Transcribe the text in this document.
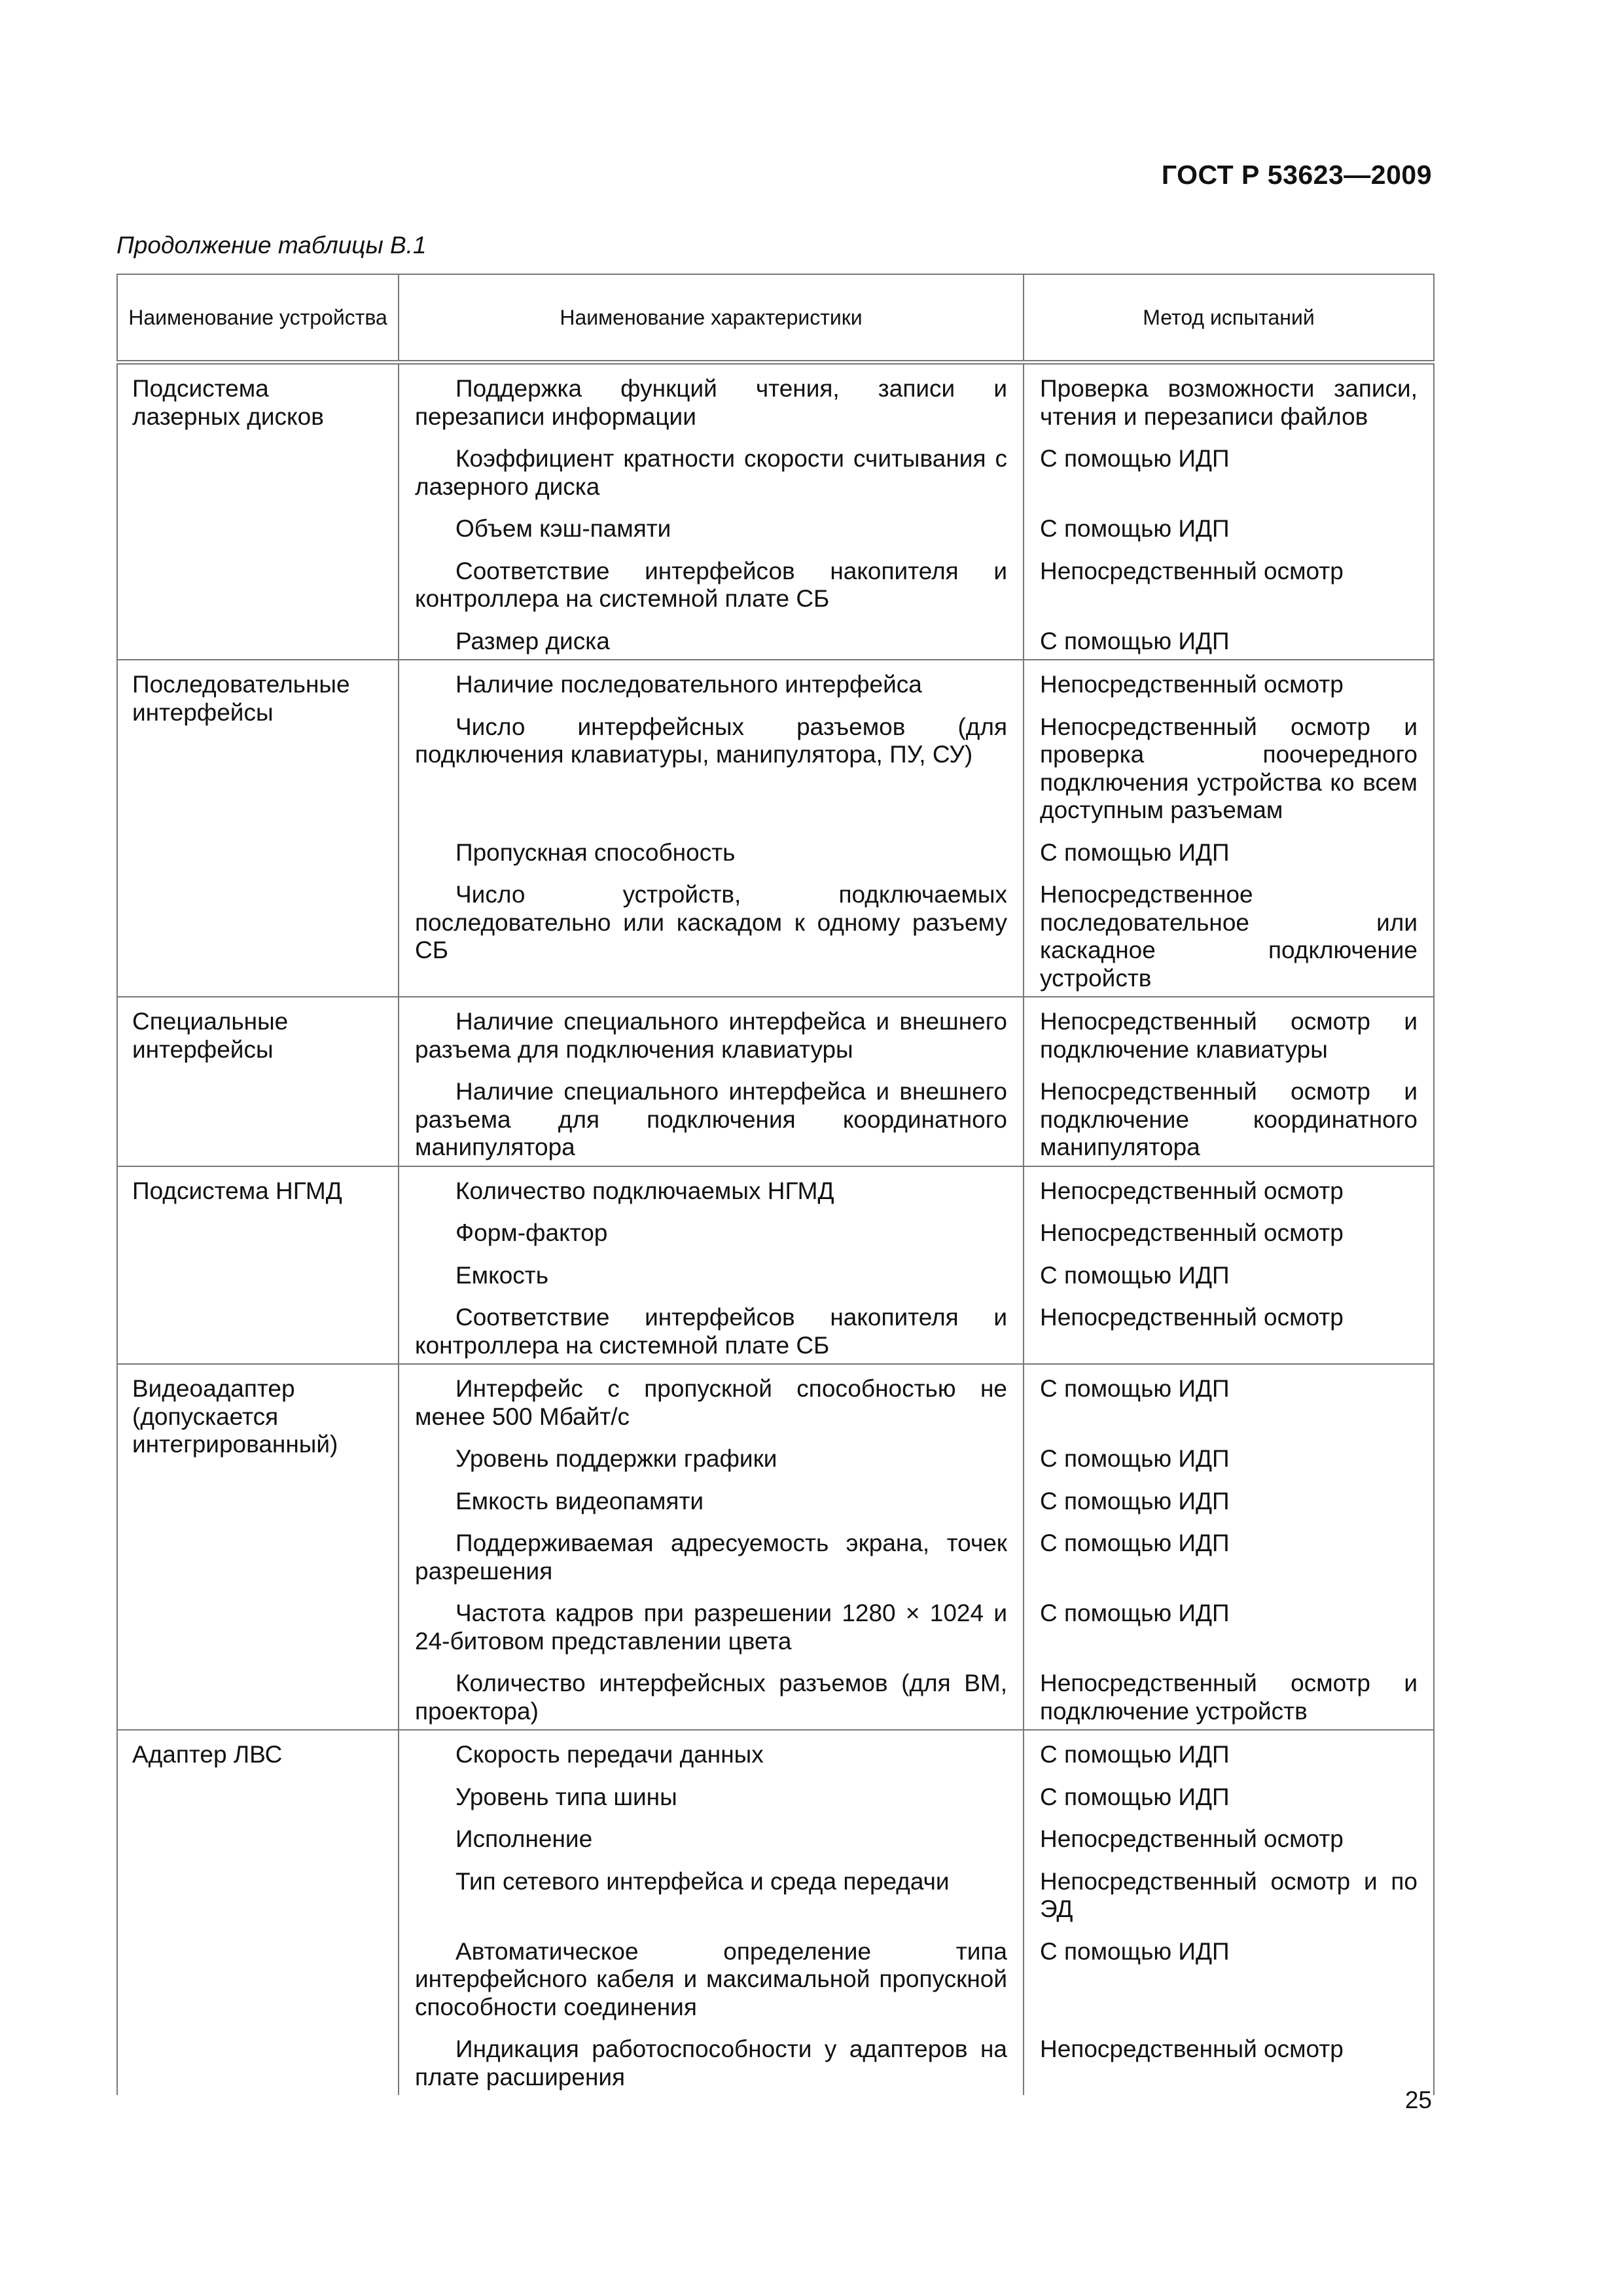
ГОСТ Р 53623—2009
Продолжение таблицы В.1
Наименование устройства	Наименование характеристики	Метод испытаний

Подсистема лазерных дисков	Поддержка функций чтения, записи и перезаписи информации	Проверка возможности записи, чтения и перезаписи файлов

	Коэффициент кратности скорости считывания с лазерного диска	С помощью ИДП

	Объем кэш-памяти	С помощью ИДП

	Соответствие интерфейсов накопителя и контроллера на системной плате СБ	Непосредственный осмотр

	Размер диска	С помощью ИДП

Последовательные интерфейсы	Наличие последовательного интерфейса	Непосредственный осмотр

	Число интерфейсных разъемов (для подключения клавиатуры, манипулятора, ПУ, СУ)	Непосредственный осмотр и проверка поочередного подключения устройства ко всем доступным разъемам

	Пропускная способность	С помощью ИДП

	Число устройств, подключаемых последовательно или каскадом к одному разъему СБ	Непосредственное последовательное или каскадное подключение устройств

Специальные интерфейсы	Наличие специального интерфейса и внешнего разъема для подключения клавиатуры	Непосредственный осмотр и подключение клавиатуры

	Наличие специального интерфейса и внешнего разъема для подключения координатного манипулятора	Непосредственный осмотр и подключение координатного манипулятора

Подсистема НГМД	Количество подключаемых НГМД	Непосредственный осмотр

	Форм-фактор	Непосредственный осмотр

	Емкость	С помощью ИДП

	Соответствие интерфейсов накопителя и контроллера на системной плате СБ	Непосредственный осмотр

Видеоадаптер (допускается интегрированный)	Интерфейс с пропускной способностью не менее 500 Мбайт/с	С помощью ИДП

	Уровень поддержки графики	С помощью ИДП

	Емкость видеопамяти	С помощью ИДП

	Поддерживаемая адресуемость экрана, точек разрешения	С помощью ИДП

	Частота кадров при разрешении 1280 × 1024 и 24-битовом представлении цвета	С помощью ИДП

	Количество интерфейсных разъемов (для ВМ, проектора)	Непосредственный осмотр и подключение устройств

Адаптер ЛВС	Скорость передачи данных	С помощью ИДП

	Уровень типа шины	С помощью ИДП

	Исполнение	Непосредственный осмотр

	Тип сетевого интерфейса и среда передачи	Непосредственный осмотр и по ЭД

	Автоматическое определение типа интерфейсного кабеля и максимальной пропускной способности соединения	С помощью ИДП

	Индикация работоспособности у адаптеров на плате расширения	Непосредственный осмотр
25
